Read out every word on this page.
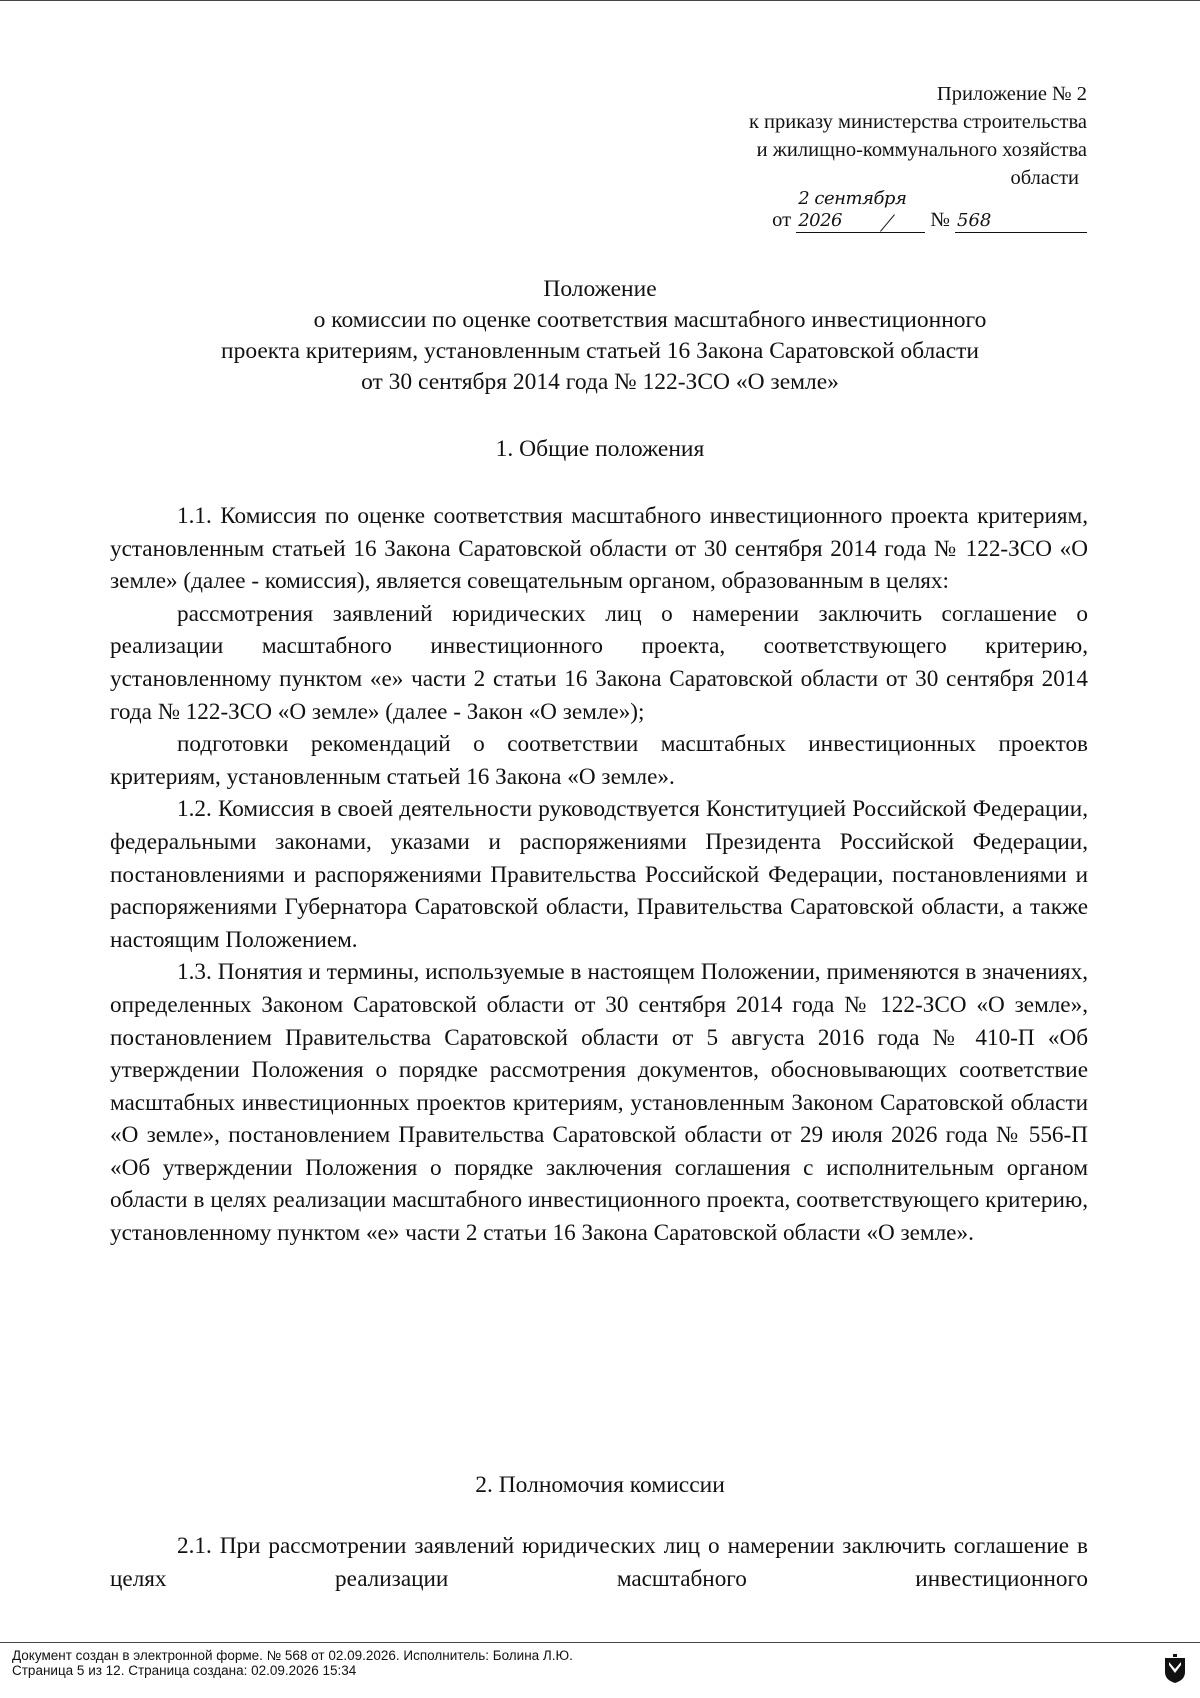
Приложение № 2
к приказу министерства строительства
и жилищно-коммунального хозяйства
области
от 2 сентября 2026	№ 568
Положение
о комиссии по оценке соответствия масштабного инвестиционного
проекта критериям, установленным статьей 16 Закона Саратовской области
от 30 сентября 2014 года № 122-ЗСО «О земле»
1. Общие положения

1.1. Комиссия по оценке соответствия масштабного инвестиционного проекта критериям, установленным статьей 16 Закона Саратовской области от 30 сентября 2014 года № 122-ЗСО «О земле» (далее - комиссия), является совещательным органом, образованным в целях:

рассмотрения заявлений юридических лиц о намерении заключить соглашение о реализации масштабного инвестиционного проекта, соответствующего критерию, установленному пунктом «е» части 2 статьи 16 Закона Саратовской области от 30 сентября 2014 года № 122-ЗСО «О земле» (далее - Закон «О земле»);

подготовки рекомендаций о соответствии масштабных инвестиционных проектов критериям, установленным статьей 16 Закона «О земле».

1.2. Комиссия в своей деятельности руководствуется Конституцией Российской Федерации, федеральными законами, указами и распоряжениями Президента Российской Федерации, постановлениями и распоряжениями Правительства Российской Федерации, постановлениями и распоряжениями Губернатора Саратовской области, Правительства Саратовской области, а также настоящим Положением.

1.3. Понятия и термины, используемые в настоящем Положении, применяются в значениях, определенных Законом Саратовской области от 30 сентября 2014 года № 122-ЗСО «О земле», постановлением Правительства Саратовской области от 5 августа 2016 года № 410-П «Об утверждении Положения о порядке рассмотрения документов, обосновывающих соответствие масштабных инвестиционных проектов критериям, установленным Законом Саратовской области «О земле», постановлением Правительства Саратовской области от 29 июля 2026 года № 556-П «Об утверждении Положения о порядке заключения соглашения с исполнительным органом области в целях реализации масштабного инвестиционного проекта, соответствующего критерию, установленному пунктом «е» части 2 статьи 16 Закона Саратовской области «О земле».

2. Полномочия комиссии

2.1. При рассмотрении заявлений юридических лиц о намерении заключить соглашение в целях реализации масштабного инвестиционного

Документ создан в электронной форме. № 568 от 02.09.2026. Исполнитель: Болина Л.Ю.
Страница 5 из 12. Страница создана: 02.09.2026 15:34
